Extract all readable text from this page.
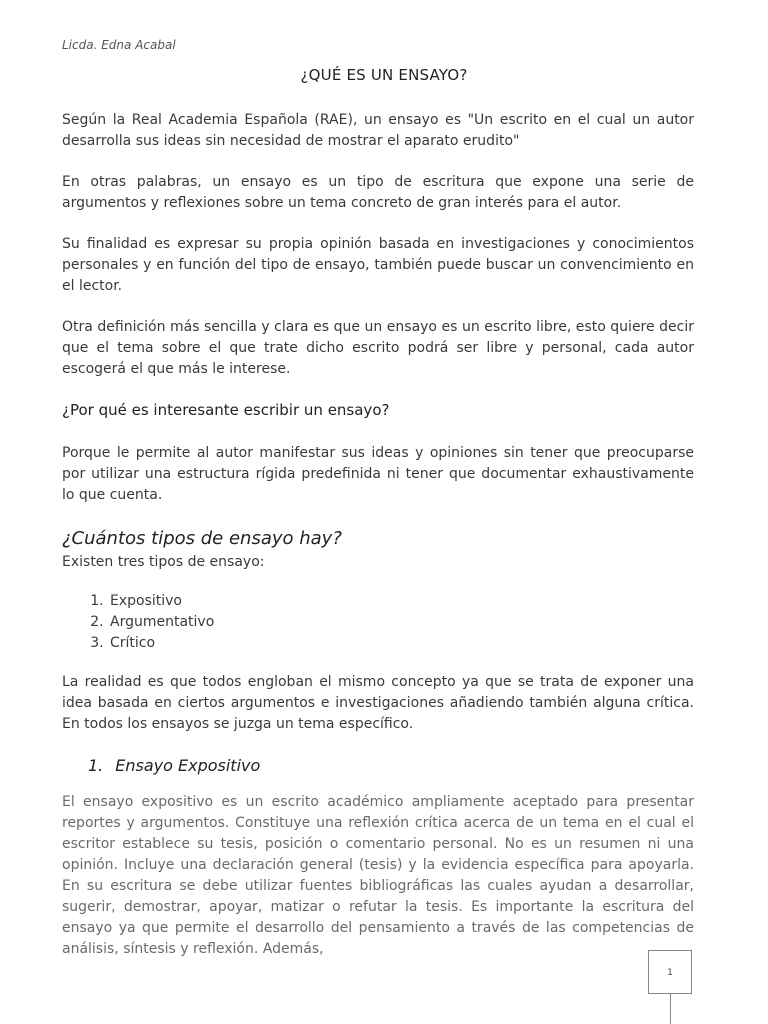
Licda. Edna Acabal
¿QUÉ ES UN ENSAYO?

Según la Real Academia Española (RAE), un ensayo es "Un escrito en el cual un autor desarrolla sus ideas sin necesidad de mostrar el aparato erudito"

En otras palabras, un ensayo es un tipo de escritura que expone una serie de argumentos y reflexiones sobre un tema concreto de gran interés para el autor.

Su finalidad es expresar su propia opinión basada en investigaciones y conocimientos personales y en función del tipo de ensayo, también puede buscar un convencimiento en el lector.

Otra definición más sencilla y clara es que un ensayo es un escrito libre, esto quiere decir que el tema sobre el que trate dicho escrito podrá ser libre y personal, cada autor escogerá el que más le interese.

¿Por qué es interesante escribir un ensayo?

Porque le permite al autor manifestar sus ideas y opiniones sin tener que preocuparse por utilizar una estructura rígida predefinida ni tener que documentar exhaustivamente lo que cuenta.

¿Cuántos tipos de ensayo hay?

Existen tres tipos de ensayo:

1. Expositivo
2. Argumentativo
3. Crítico

La realidad es que todos engloban el mismo concepto ya que se trata de exponer una idea basada en ciertos argumentos e investigaciones añadiendo también alguna crítica. En todos los ensayos se juzga un tema específico.

1. Ensayo Expositivo

El ensayo expositivo es un escrito académico ampliamente aceptado para presentar reportes y argumentos. Constituye una reflexión crítica acerca de un tema en el cual el escritor establece su tesis, posición o comentario personal. No es un resumen ni una opinión. Incluye una declaración general (tesis) y la evidencia específica para apoyarla. En su escritura se debe utilizar fuentes bibliográficas las cuales ayudan a desarrollar, sugerir, demostrar, apoyar, matizar o refutar la tesis. Es importante la escritura del ensayo ya que permite el desarrollo del pensamiento a través de las competencias de análisis, síntesis y reflexión. Además,

1
